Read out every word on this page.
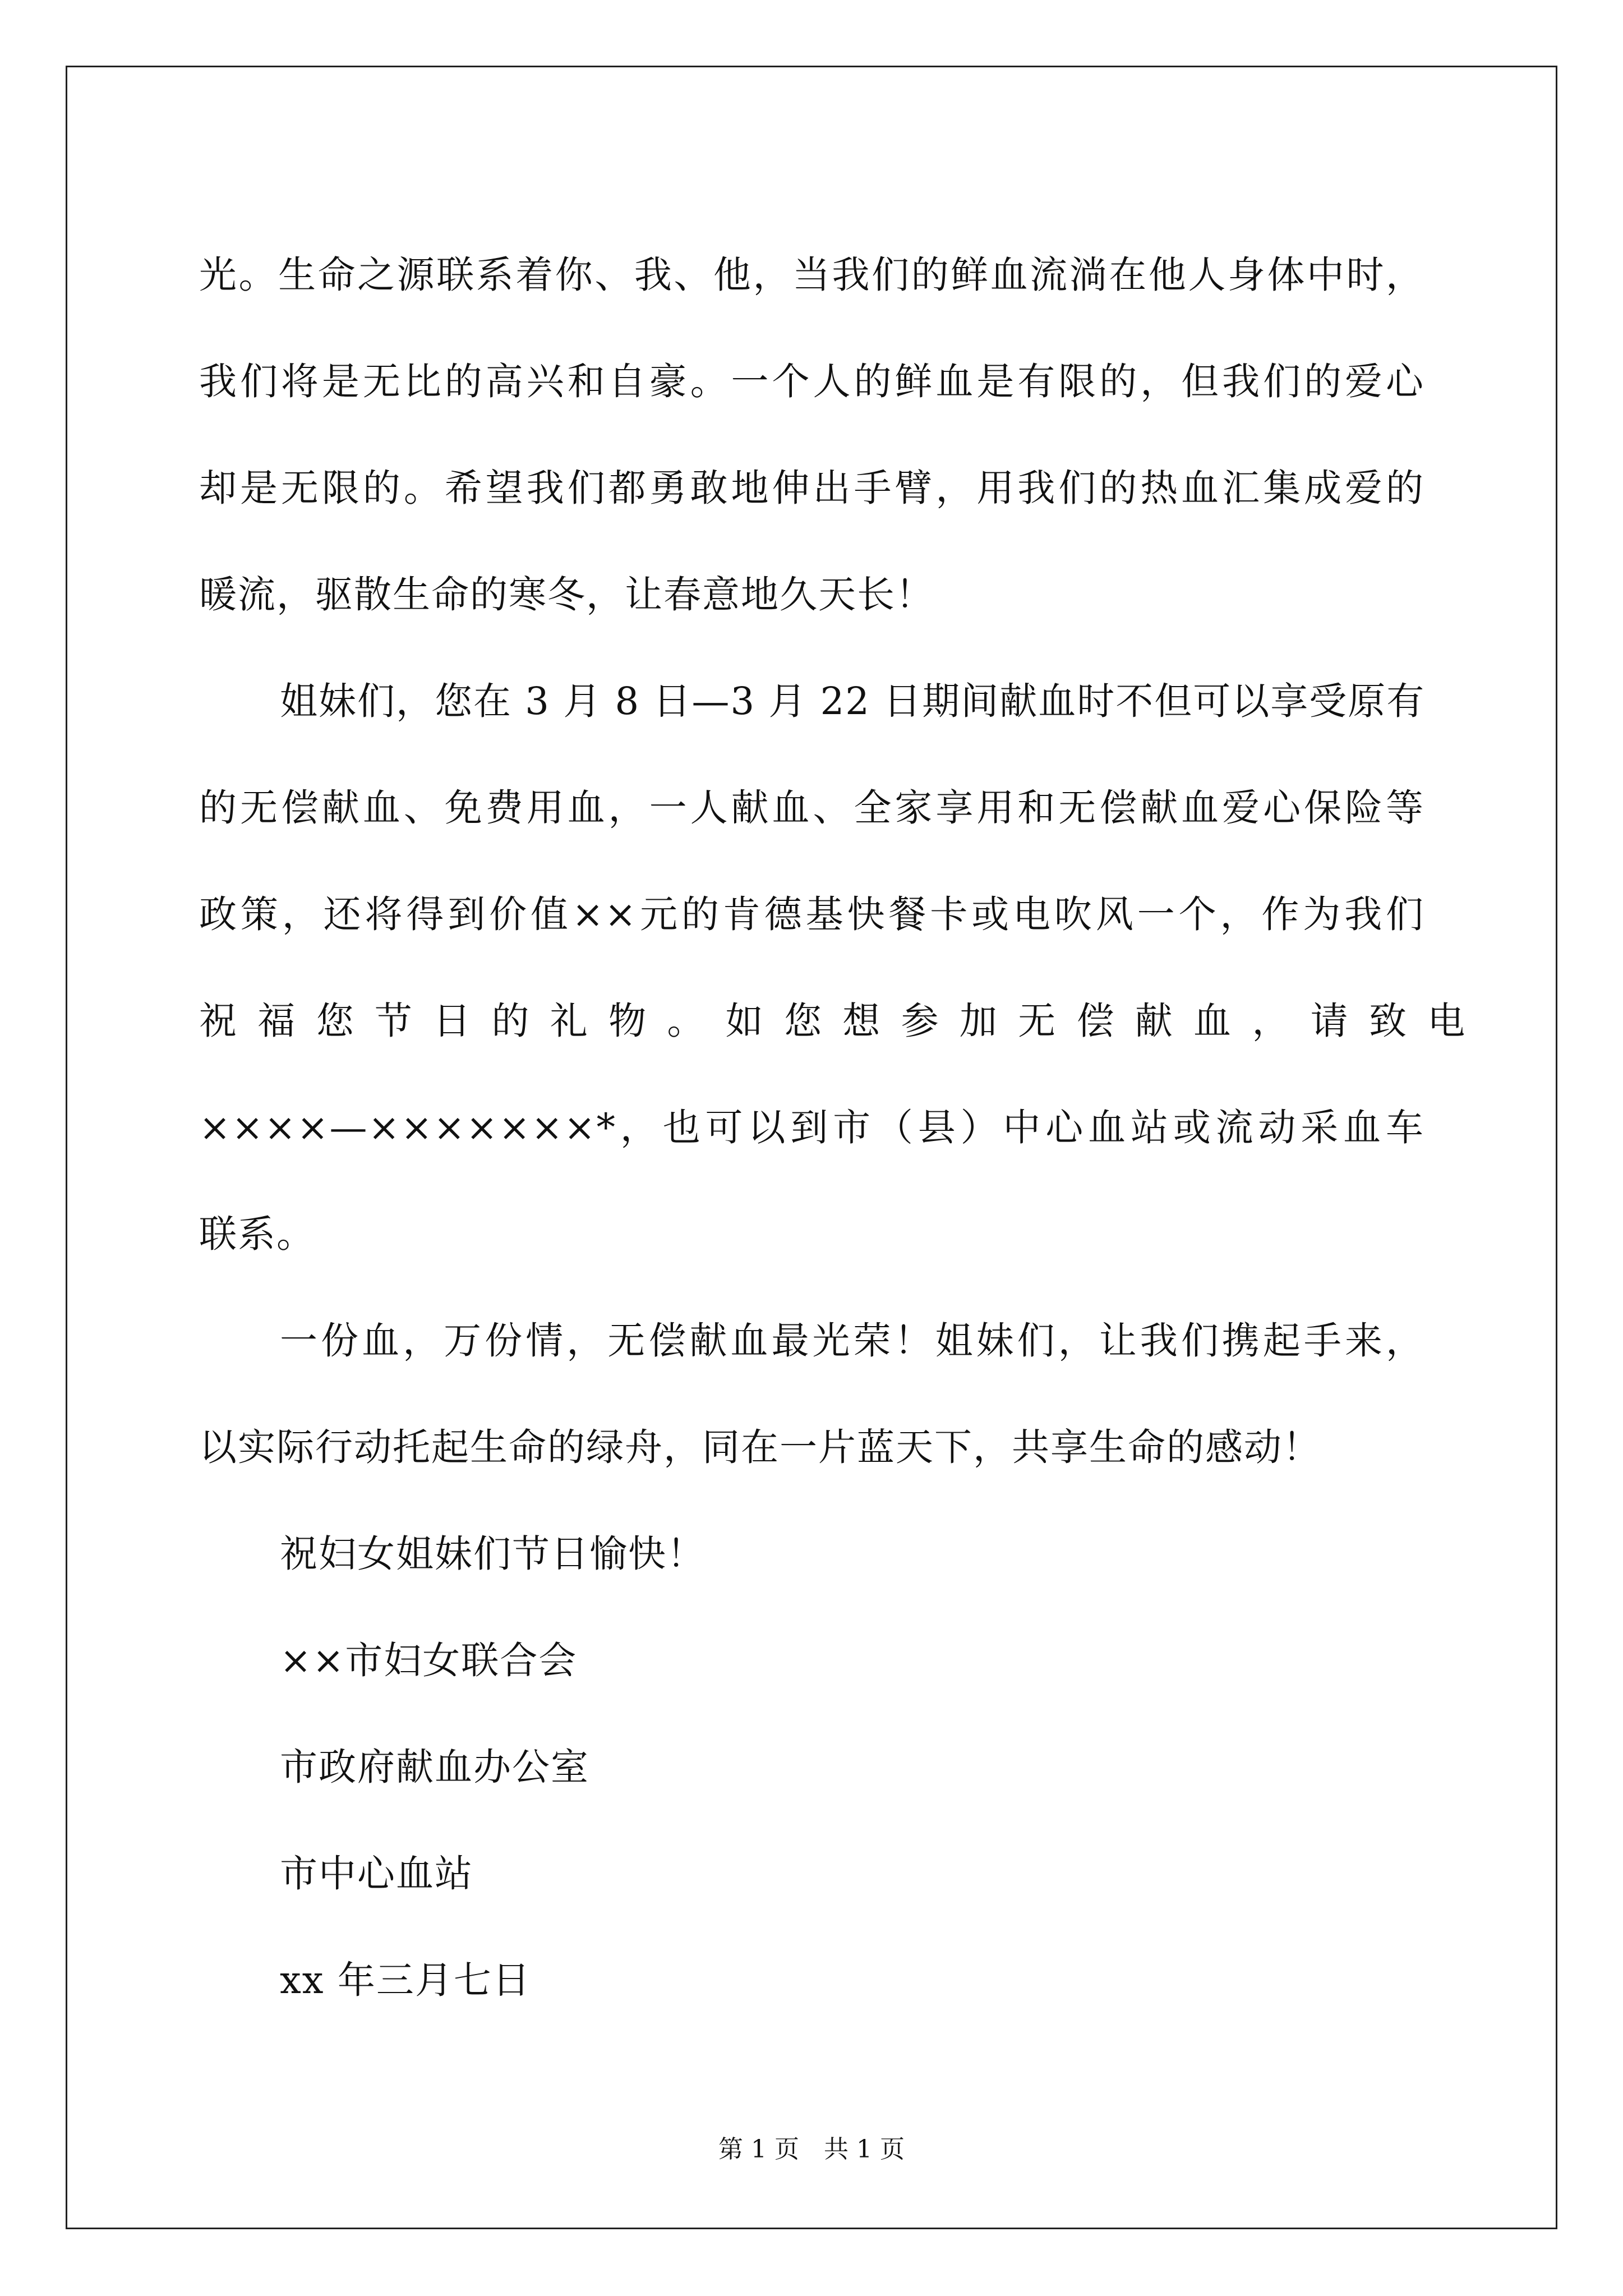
光。生命之源联系着你、我、他，当我们的鲜血流淌在他人身体中时，
我们将是无比的高兴和自豪。一个人的鲜血是有限的，但我们的爱心
却是无限的。希望我们都勇敢地伸出手臂，用我们的热血汇集成爱的
暖流，驱散生命的寒冬，让春意地久天长！
姐妹们，您在 3 月 8 日—3 月 22 日期间献血时不但可以享受原有
的无偿献血、免费用血，一人献血、全家享用和无偿献血爱心保险等
政策，还将得到价值××元的肯德基快餐卡或电吹风一个，作为我们
祝 福 您 节 日 的 礼 物 。 如 您 想 参 加 无 偿 献 血 ， 请 致 电
××××—×××××××*，也可以到市（县）中心血站或流动采血车
联系。
一份血，万份情，无偿献血最光荣！姐妹们，让我们携起手来，
以实际行动托起生命的绿舟，同在一片蓝天下，共享生命的感动！
祝妇女姐妹们节日愉快！
××市妇女联合会
市政府献血办公室
市中心血站
xx 年三月七日
第 1 页 共 1 页
